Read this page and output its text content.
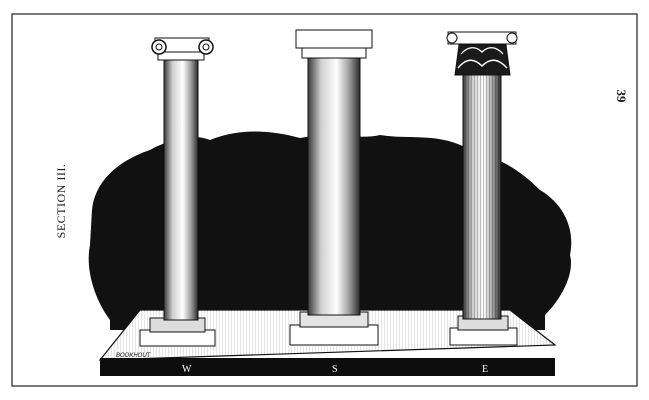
BOOKHOUT
W	S	E
SECTION III.
39
